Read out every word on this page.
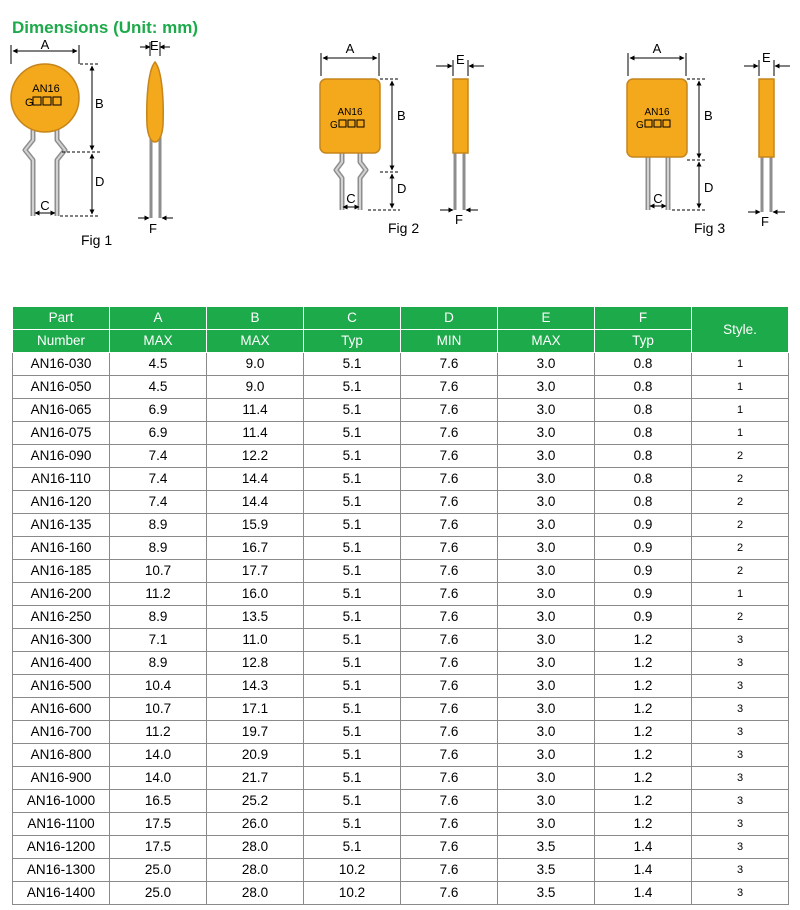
Dimensions (Unit: mm)
AN16
G
A
B
D
C
E
F
Fig 1
AN16
G
A
B
D
C
E
F
Fig 2
AN16
G
A
B
D
C
E
F
Fig 3
Part	A	B	C	D	E	F	Style.
Number	MAX	MAX	Typ	MIN	MAX	Typ	
AN16-030	4.5	9.0	5.1	7.6	3.0	0.8	1
AN16-050	4.5	9.0	5.1	7.6	3.0	0.8	1
AN16-065	6.9	11.4	5.1	7.6	3.0	0.8	1
AN16-075	6.9	11.4	5.1	7.6	3.0	0.8	1
AN16-090	7.4	12.2	5.1	7.6	3.0	0.8	2
AN16-110	7.4	14.4	5.1	7.6	3.0	0.8	2
AN16-120	7.4	14.4	5.1	7.6	3.0	0.8	2
AN16-135	8.9	15.9	5.1	7.6	3.0	0.9	2
AN16-160	8.9	16.7	5.1	7.6	3.0	0.9	2
AN16-185	10.7	17.7	5.1	7.6	3.0	0.9	2
AN16-200	11.2	16.0	5.1	7.6	3.0	0.9	1
AN16-250	8.9	13.5	5.1	7.6	3.0	0.9	2
AN16-300	7.1	11.0	5.1	7.6	3.0	1.2	3
AN16-400	8.9	12.8	5.1	7.6	3.0	1.2	3
AN16-500	10.4	14.3	5.1	7.6	3.0	1.2	3
AN16-600	10.7	17.1	5.1	7.6	3.0	1.2	3
AN16-700	11.2	19.7	5.1	7.6	3.0	1.2	3
AN16-800	14.0	20.9	5.1	7.6	3.0	1.2	3
AN16-900	14.0	21.7	5.1	7.6	3.0	1.2	3
AN16-1000	16.5	25.2	5.1	7.6	3.0	1.2	3
AN16-1100	17.5	26.0	5.1	7.6	3.0	1.2	3
AN16-1200	17.5	28.0	5.1	7.6	3.5	1.4	3
AN16-1300	25.0	28.0	10.2	7.6	3.5	1.4	3
AN16-1400	25.0	28.0	10.2	7.6	3.5	1.4	3
